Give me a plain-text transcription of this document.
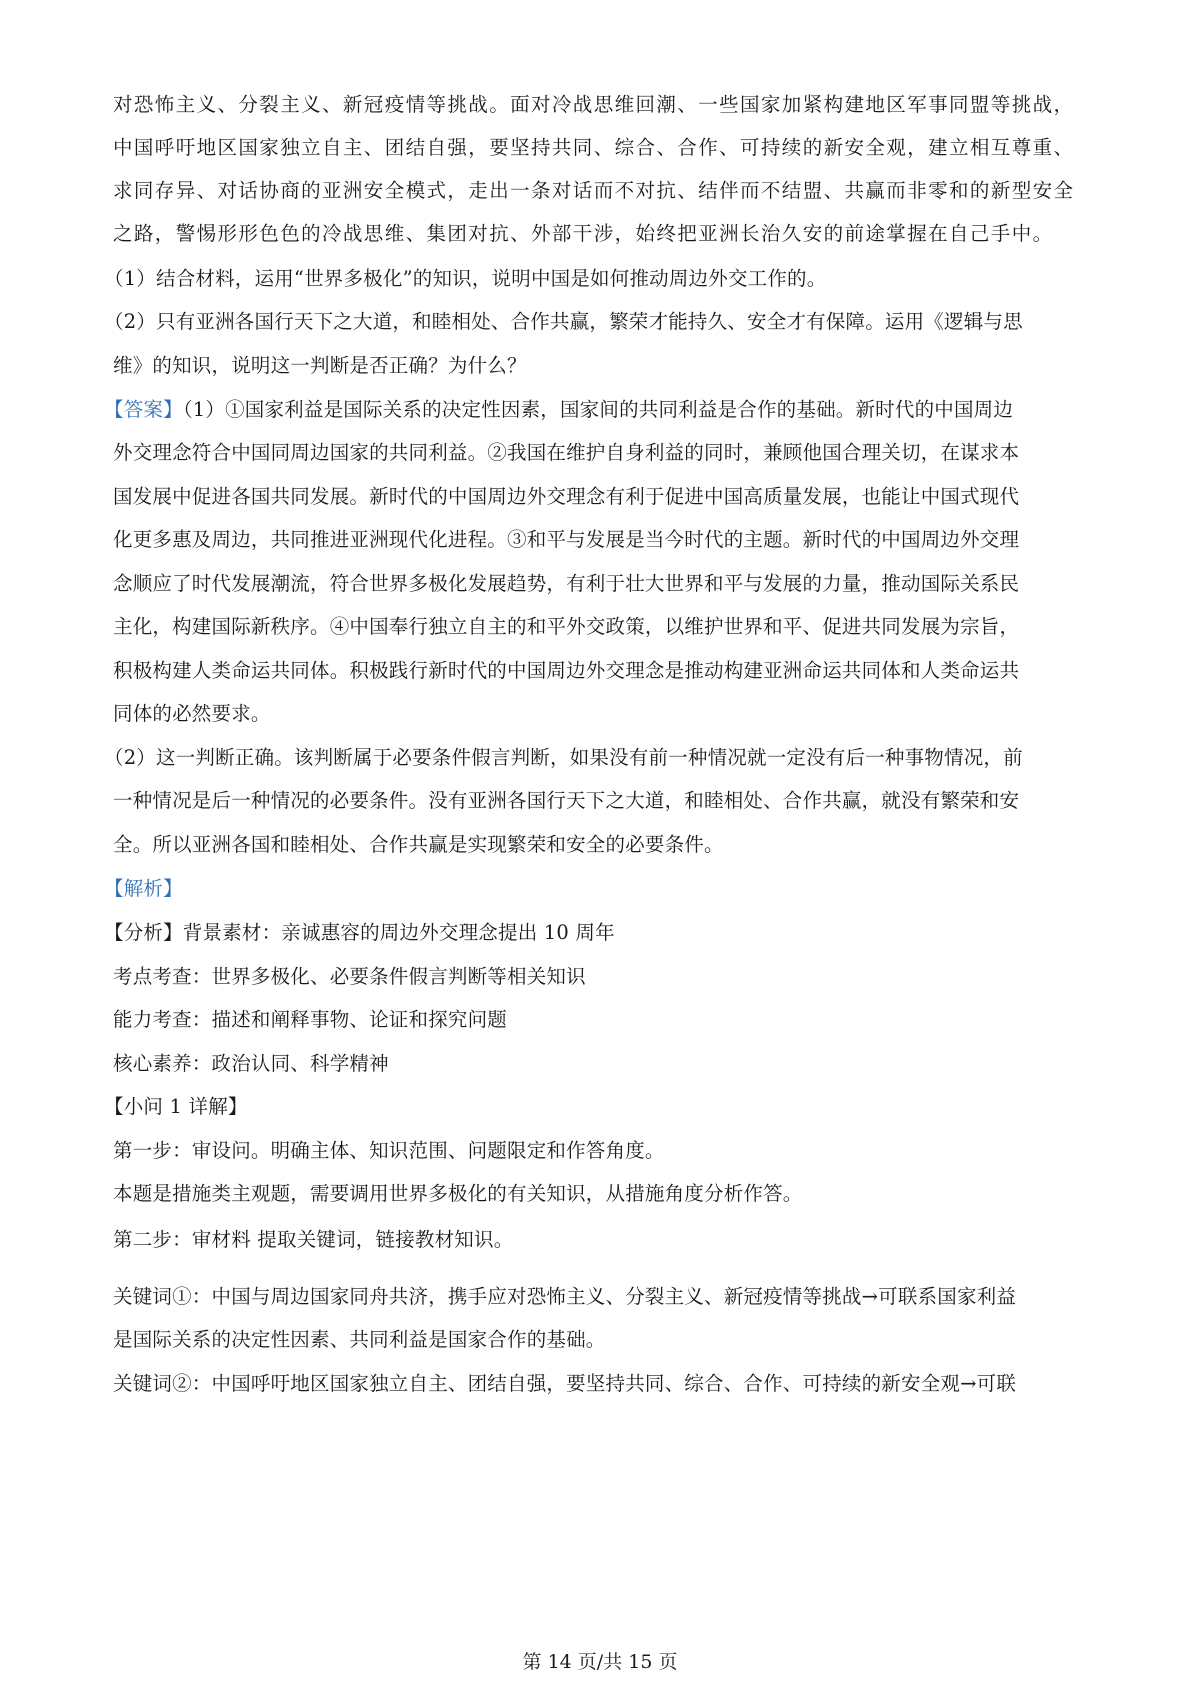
对恐怖主义、分裂主义、新冠疫情等挑战。面对冷战思维回潮、一些国家加紧构建地区军事同盟等挑战，
中国呼吁地区国家独立自主、团结自强，要坚持共同、综合、合作、可持续的新安全观，建立相互尊重、
求同存异、对话协商的亚洲安全模式，走出一条对话而不对抗、结伴而不结盟、共赢而非零和的新型安全
之路，警惕形形色色的冷战思维、集团对抗、外部干涉，始终把亚洲长治久安的前途掌握在自己手中。
（1）结合材料，运用“世界多极化”的知识，说明中国是如何推动周边外交工作的。
（2）只有亚洲各国行天下之大道，和睦相处、合作共赢，繁荣才能持久、安全才有保障。运用《逻辑与思
维》的知识，说明这一判断是否正确？为什么？
【答案】（1）①国家利益是国际关系的决定性因素，国家间的共同利益是合作的基础。新时代的中国周边
外交理念符合中国同周边国家的共同利益。②我国在维护自身利益的同时，兼顾他国合理关切，在谋求本
国发展中促进各国共同发展。新时代的中国周边外交理念有利于促进中国高质量发展，也能让中国式现代
化更多惠及周边，共同推进亚洲现代化进程。③和平与发展是当今时代的主题。新时代的中国周边外交理
念顺应了时代发展潮流，符合世界多极化发展趋势，有利于壮大世界和平与发展的力量，推动国际关系民
主化，构建国际新秩序。④中国奉行独立自主的和平外交政策，以维护世界和平、促进共同发展为宗旨，
积极构建人类命运共同体。积极践行新时代的中国周边外交理念是推动构建亚洲命运共同体和人类命运共
同体的必然要求。
（2）这一判断正确。该判断属于必要条件假言判断，如果没有前一种情况就一定没有后一种事物情况，前
一种情况是后一种情况的必要条件。没有亚洲各国行天下之大道，和睦相处、合作共赢，就没有繁荣和安
全。所以亚洲各国和睦相处、合作共赢是实现繁荣和安全的必要条件。
【解析】
【分析】背景素材：亲诚惠容的周边外交理念提出 10 周年
考点考查：世界多极化、必要条件假言判断等相关知识
能力考查：描述和阐释事物、论证和探究问题
核心素养：政治认同、科学精神
【小问 1 详解】
第一步：审设问。明确主体、知识范围、问题限定和作答角度。
本题是措施类主观题，需要调用世界多极化的有关知识，从措施角度分析作答。
第二步：审材料 提取关键词，链接教材知识。
关键词①：中国与周边国家同舟共济，携手应对恐怖主义、分裂主义、新冠疫情等挑战→可联系国家利益
是国际关系的决定性因素、共同利益是国家合作的基础。
关键词②：中国呼吁地区国家独立自主、团结自强，要坚持共同、综合、合作、可持续的新安全观→可联
第 14 页/共 15 页
